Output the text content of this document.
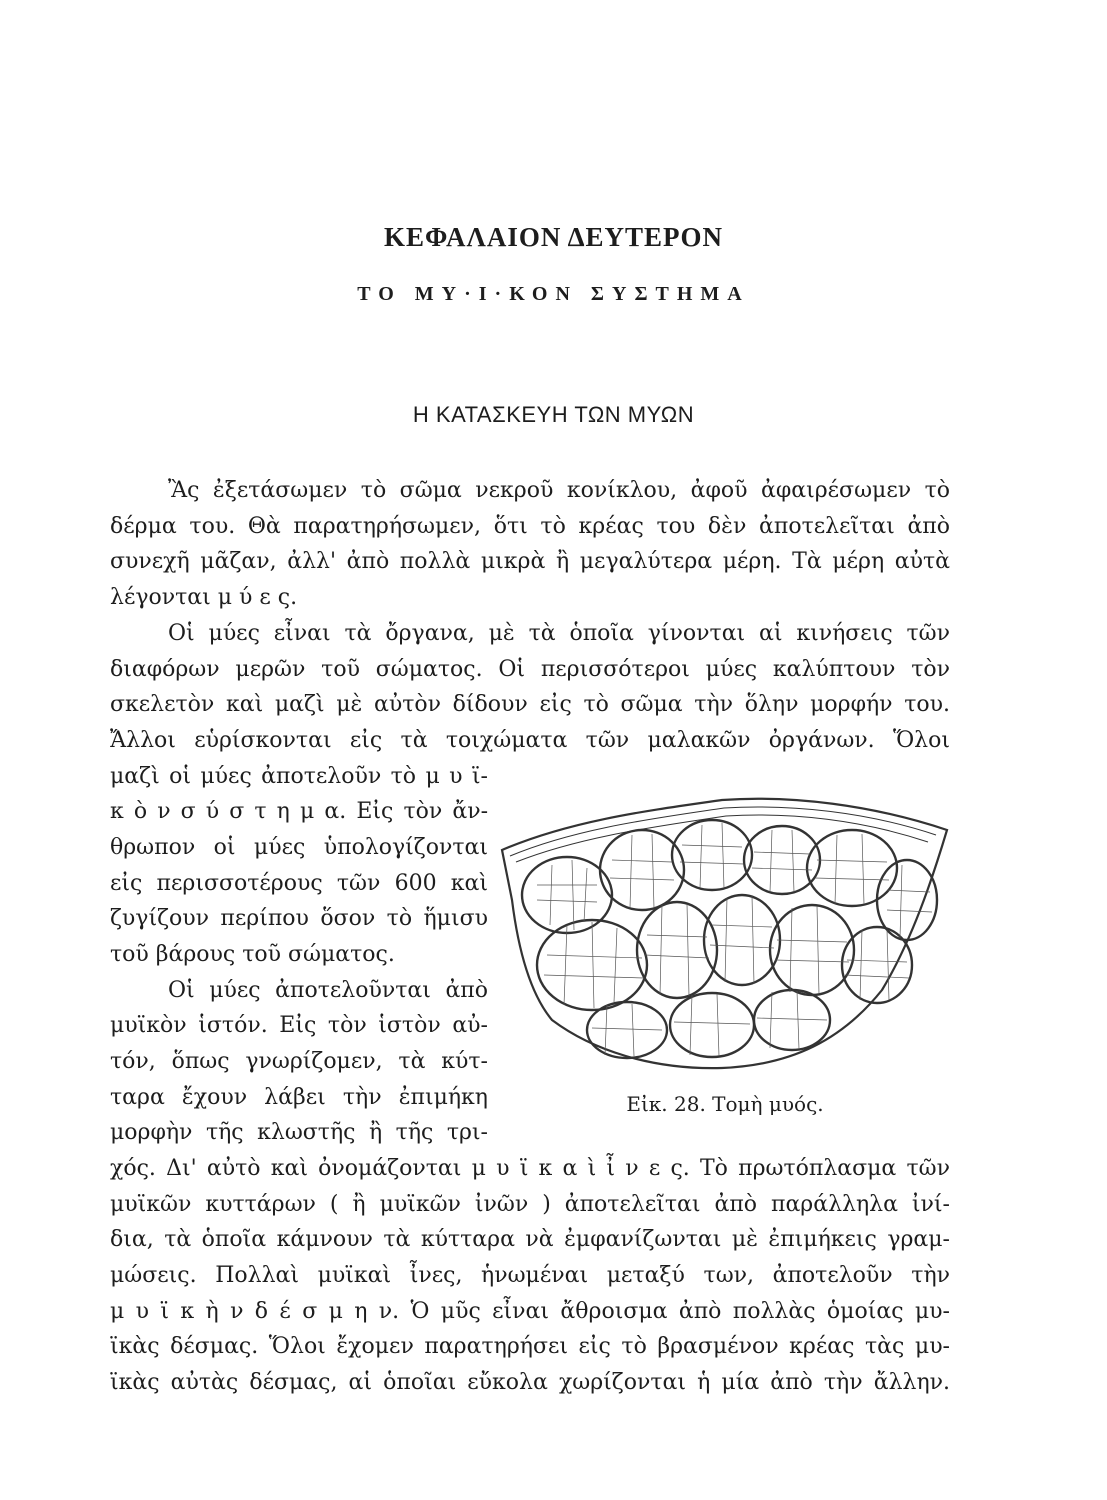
ΚΕΦΑΛΑΙΟΝ ΔΕΥΤΕΡΟΝ
ΤΟ ΜΥ·Ι·ΚΟΝ ΣΥΣΤΗΜΑ
Η ΚΑΤΑΣΚΕΥΗ ΤΩΝ ΜΥΩΝ
Ἂς ἐξετάσωμεν τὸ σῶμα νεκροῦ κονίκλου, ἀφοῦ ἀφαιρέσωμεν τὸ
δέρμα του. Θὰ παρατηρήσωμεν, ὅτι τὸ κρέας του δὲν ἀποτελεῖται ἀπὸ
συνεχῆ μᾶζαν, ἀλλ' ἀπὸ πολλὰ μικρὰ ἢ μεγαλύτερα μέρη. Τὰ μέρη αὐτὰ
λέγονται μ ύ ε ς.
Οἱ μύες εἶναι τὰ ὄργανα, μὲ τὰ ὁποῖα γίνονται αἱ κινήσεις τῶν
διαφόρων μερῶν τοῦ σώματος. Οἱ περισσότεροι μύες καλύπτουν τὸν
σκελετὸν καὶ μαζὶ μὲ αὐτὸν δίδουν εἰς τὸ σῶμα τὴν ὅλην μορφήν του.
Ἄλλοι εὑρίσκονται εἰς τὰ τοιχώματα τῶν μαλακῶν ὀργάνων. Ὅλοι
μαζὶ οἱ μύες ἀποτελοῦν τὸ μ υ ϊ-
κ ὸ ν σ ύ σ τ η μ α. Εἰς τὸν ἄν-
θρωπον οἱ μύες ὑπολογίζονται
εἰς περισσοτέρους τῶν 600 καὶ
ζυγίζουν περίπου ὅσον τὸ ἥμισυ
τοῦ βάρους τοῦ σώματος.
Οἱ μύες ἀποτελοῦνται ἀπὸ
μυϊκὸν ἱστόν. Εἰς τὸν ἱστὸν αὐ-
τόν, ὅπως γνωρίζομεν, τὰ κύτ-
ταρα ἔχουν λάβει τὴν ἐπιμήκη
μορφὴν τῆς κλωστῆς ἢ τῆς τρι-
Εἰκ. 28. Τομὴ μυός.
χός. Δι' αὐτὸ καὶ ὀνομάζονται μ υ ϊ κ α ὶ ἶ ν ε ς. Τὸ πρωτόπλασμα τῶν
μυϊκῶν κυττάρων ( ἢ μυϊκῶν ἰνῶν ) ἀποτελεῖται ἀπὸ παράλληλα ἰνί-
δια, τὰ ὁποῖα κάμνουν τὰ κύτταρα νὰ ἐμφανίζωνται μὲ ἐπιμήκεις γραμ-
μώσεις. Πολλαὶ μυϊκαὶ ἶνες, ἡνωμέναι μεταξύ των, ἀποτελοῦν τὴν
μ υ ϊ κ ὴ ν δ έ σ μ η ν. Ὁ μῦς εἶναι ἄθροισμα ἀπὸ πολλὰς ὁμοίας μυ-
ϊκὰς δέσμας. Ὅλοι ἔχομεν παρατηρήσει εἰς τὸ βρασμένον κρέας τὰς μυ-
ϊκὰς αὐτὰς δέσμας, αἱ ὁποῖαι εὔκολα χωρίζονται ἡ μία ἀπὸ τὴν ἄλλην.
